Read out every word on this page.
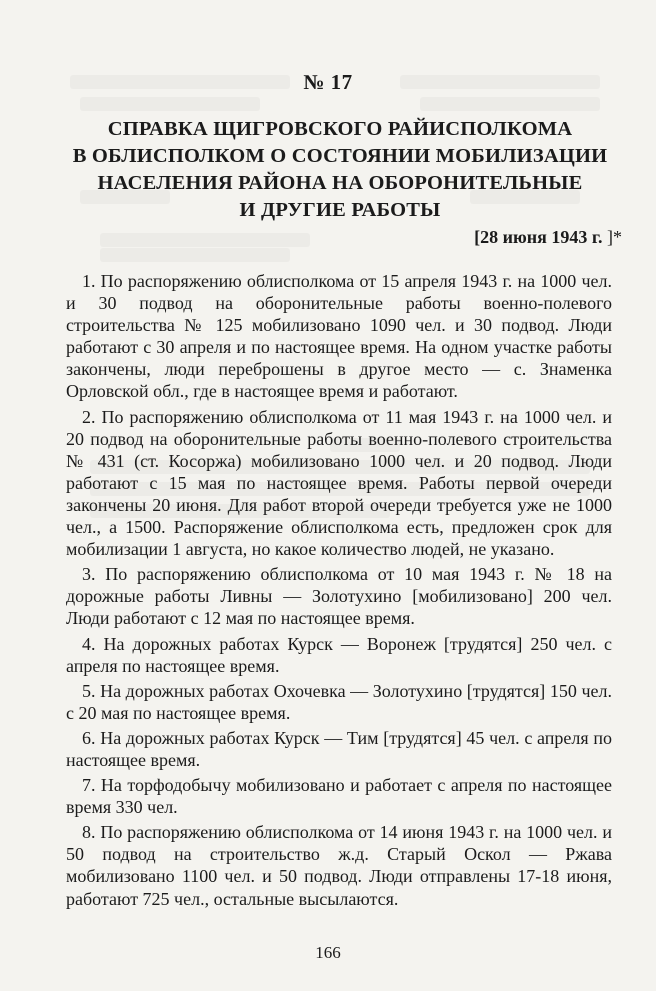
№ 17
СПРАВКА ЩИГРОВСКОГО РАЙИСПОЛКОМА
В ОБЛИСПОЛКОМ О СОСТОЯНИИ МОБИЛИЗАЦИИ
НАСЕЛЕНИЯ РАЙОНА НА ОБОРОНИТЕЛЬНЫЕ
И ДРУГИЕ РАБОТЫ
[28 июня 1943 г. ]*

1. По распоряжению облисполкома от 15 апреля 1943 г. на 1000 чел. и 30 подвод на оборонительные работы военно-полевого строительства № 125 мобилизовано 1090 чел. и 30 подвод. Люди работают с 30 апреля и по настоящее время. На одном участке работы закончены, люди переброшены в другое место — с. Знаменка Орловской обл., где в настоящее время и работают.

2. По распоряжению облисполкома от 11 мая 1943 г. на 1000 чел. и 20 подвод на оборонительные работы военно-полевого строительства № 431 (ст. Косоржа) мобилизовано 1000 чел. и 20 подвод. Люди работают с 15 мая по настоящее время. Работы первой очереди закончены 20 июня. Для работ второй очереди требуется уже не 1000 чел., а 1500. Распоряжение облисполкома есть, предложен срок для мобилизации 1 августа, но какое количество людей, не указано.

3. По распоряжению облисполкома от 10 мая 1943 г. № 18 на дорожные работы Ливны — Золотухино [мобилизовано] 200 чел. Люди работают с 12 мая по настоящее время.

4. На дорожных работах Курск — Воронеж [трудятся] 250 чел. с апреля по настоящее время.

5. На дорожных работах Охочевка — Золотухино [трудятся] 150 чел. с 20 мая по настоящее время.

6. На дорожных работах Курск — Тим [трудятся] 45 чел. с апреля по настоящее время.

7. На торфодобычу мобилизовано и работает с апреля по настоящее время 330 чел.

8. По распоряжению облисполкома от 14 июня 1943 г. на 1000 чел. и 50 подвод на строительство ж.д. Старый Оскол — Ржава мобилизовано 1100 чел. и 50 подвод. Люди отправлены 17-18 июня, работают 725 чел., остальные высылаются.

166
